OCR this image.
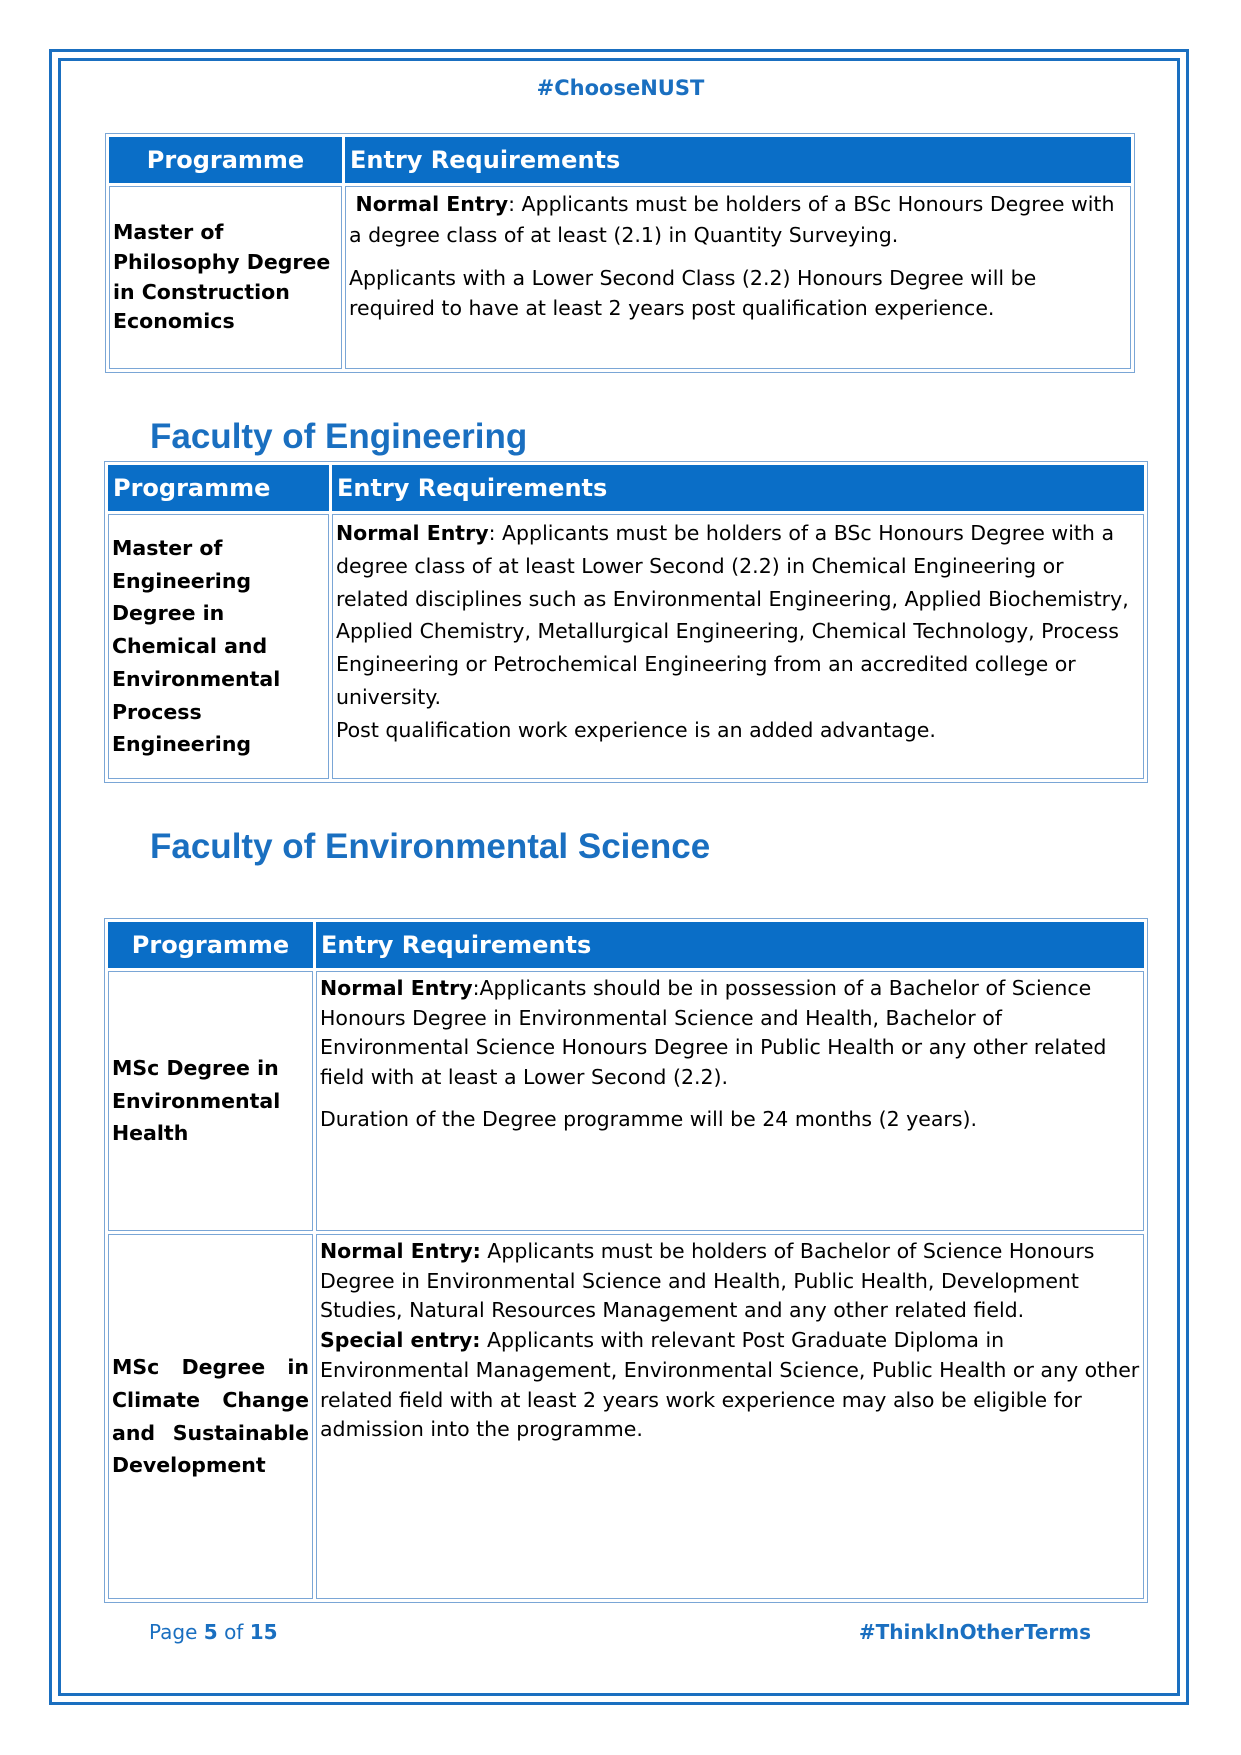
#ChooseNUST
Programme	Entry Requirements
Master of Philosophy Degree in Construction Economics	Normal Entry: Applicants must be holders of a BSc Honours Degree with a degree class of at least (2.1) in Quantity Surveying.

Applicants with a Lower Second Class (2.2) Honours Degree will be required to have at least 2 years post qualification experience.

Faculty of Engineering
Programme	Entry Requirements
Master of Engineering Degree in Chemical and Environmental Process Engineering	Normal Entry: Applicants must be holders of a BSc Honours Degree with a degree class of at least Lower Second (2.2) in Chemical Engineering or related disciplines such as Environmental Engineering, Applied Biochemistry, Applied Chemistry, Metallurgical Engineering, Chemical Technology, Process Engineering or Petrochemical Engineering from an accredited college or university.

Post qualification work experience is an added advantage.

Faculty of Environmental Science
Programme	Entry Requirements
MSc Degree in Environmental Health	Normal Entry:Applicants should be in possession of a Bachelor of Science Honours Degree in Environmental Science and Health, Bachelor of Environmental Science Honours Degree in Public Health or any other related field with at least a Lower Second (2.2).

Duration of the Degree programme will be 24 months (2 years).

MSc Degree in Climate Change and Sustainable Development	Normal Entry: Applicants must be holders of Bachelor of Science Honours Degree in Environmental Science and Health, Public Health, Development Studies, Natural Resources Management and any other related field.

Special entry: Applicants with relevant Post Graduate Diploma in Environmental Management, Environmental Science, Public Health or any other related field with at least 2 years work experience may also be eligible for admission into the programme.

Page 5 of 15	#ThinkInOtherTerms
